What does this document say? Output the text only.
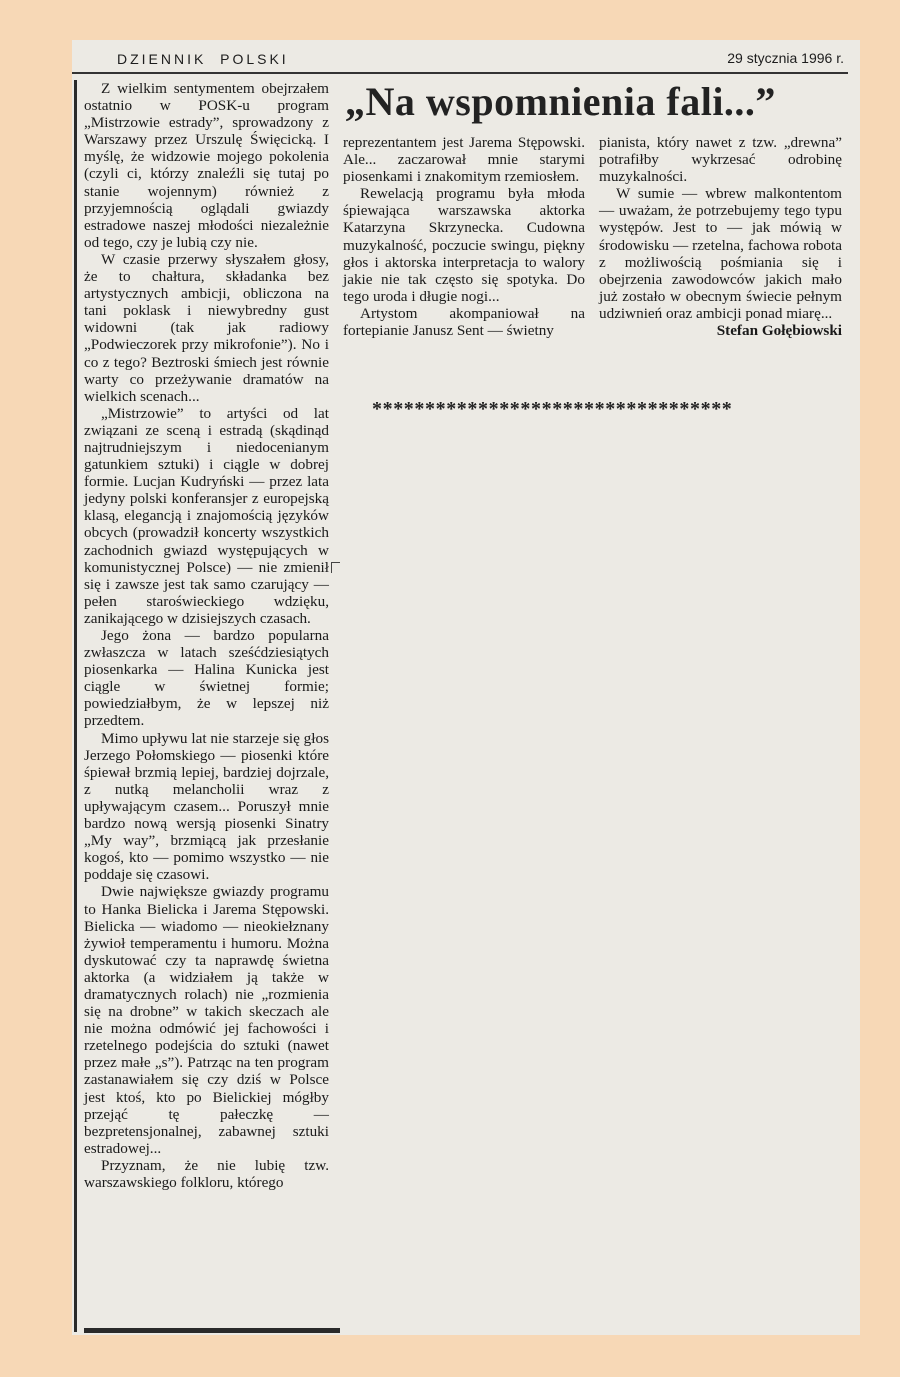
DZIENNIK  POLSKI	29 stycznia 1996 r.

Z wielkim sentymentem obejrzałem ostatnio w POSK-u program „Mistrzowie estrady”, sprowadzony z Warszawy przez Urszulę Święcicką. I myślę, że widzowie mojego pokolenia (czyli ci, którzy znaleźli się tutaj po stanie wojennym) również z przyjemnością oglądali gwiazdy estradowe naszej młodości niezależnie od tego, czy je lubią czy nie.

W czasie przerwy słyszałem głosy, że to chałtura, składanka bez artystycznych ambicji, obliczona na tani poklask i niewybredny gust widowni (tak jak radiowy „Podwieczorek przy mikrofonie”). No i co z tego? Beztroski śmiech jest równie warty co przeżywanie dramatów na wielkich scenach...

„Mistrzowie” to artyści od lat związani ze sceną i estradą (skądinąd najtrudniejszym i niedocenianym gatunkiem sztuki) i ciągle w dobrej formie. Lucjan Kudryński — przez lata jedyny polski konferansjer z europejską klasą, elegancją i znajomością języków obcych (prowadził koncerty wszystkich zachodnich gwiazd występujących w komunistycznej Polsce) — nie zmienił się i zawsze jest tak samo czarujący — pełen staroświeckiego wdzięku, zanikającego w dzisiejszych czasach.

Jego żona — bardzo popularna zwłaszcza w latach sześćdziesiątych piosenkarka — Halina Kunicka jest ciągle w świetnej formie; powiedziałbym, że w lepszej niż przedtem.

Mimo upływu lat nie starzeje się głos Jerzego Połomskiego — piosenki które śpiewał brzmią lepiej, bardziej dojrzale, z nutką melancholii wraz z upływającym czasem... Poruszył mnie bardzo nową wersją piosenki Sinatry „My way”, brzmiącą jak przesłanie kogoś, kto — pomimo wszystko — nie poddaje się czasowi.

Dwie największe gwiazdy programu to Hanka Bielicka i Jarema Stępowski. Bielicka — wiadomo — nieokiełznany żywioł temperamentu i humoru. Można dyskutować czy ta naprawdę świetna aktorka (a widziałem ją także w dramatycznych rolach) nie „rozmienia się na drobne” w takich skeczach ale nie można odmówić jej fachowości i rzetelnego podejścia do sztuki (nawet przez małe „s”). Patrząc na ten program zastanawiałem się czy dziś w Polsce jest ktoś, kto po Bielickiej mógłby przejąć tę pałeczkę — bezpretensjonalnej, zabawnej sztuki estradowej...

Przyznam, że nie lubię tzw. warszawskiego folkloru, którego

„Na wspomnienia fali...”

reprezentantem jest Jarema Stępowski. Ale... zaczarował mnie starymi piosenkami i znakomitym rzemiosłem.

Rewelacją programu była młoda śpiewająca warszawska aktorka Katarzyna Skrzynecka. Cudowna muzykalność, poczucie swingu, piękny głos i aktorska interpretacja to walory jakie nie tak często się spotyka. Do tego uroda i długie nogi...

Artystom akompaniował na fortepianie Janusz Sent — świetny

pianista, który nawet z tzw. „drewna” potrafiłby wykrzesać odrobinę muzykalności.

W sumie — wbrew malkontentom — uważam, że potrzebujemy tego typu występów. Jest to — jak mówią w środowisku — rzetelna, fachowa robota z możliwością pośmiania się i obejrzenia zawodowców jakich mało już zostało w obecnym świecie pełnym udziwnień oraz ambicji ponad miarę...

Stefan Gołębiowski

**********************************
